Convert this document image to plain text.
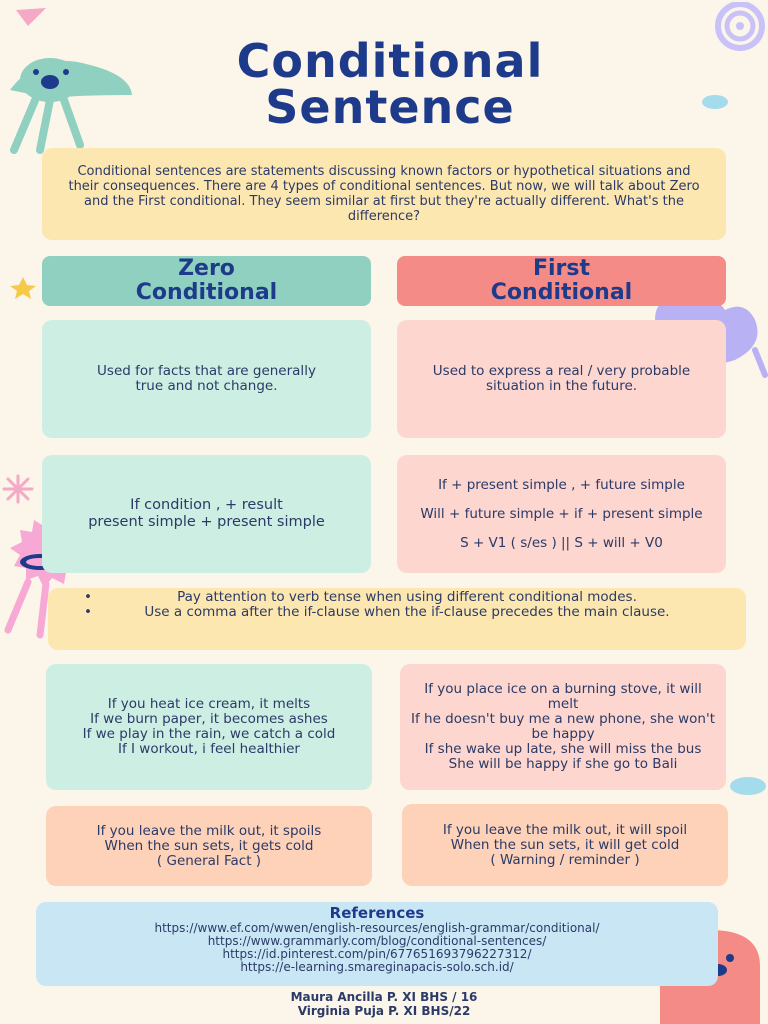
Conditional
Sentence
Conditional sentences are statements discussing known factors or hypothetical situations and their consequences. There are 4 types of conditional sentences. But now, we will talk about Zero and the First conditional. They seem similar at first but they're actually different. What's the difference?
Zero
Conditional
First
Conditional
Used for facts that are generally true and not change.
Used to express a real / very probable situation in the future.
If condition , + result
present simple + present simple
If + present simple , + future simple
Will + future simple + if + present simple
S + V1 ( s/es ) || S + will + V0
•	Pay attention to verb tense when using different conditional modes.
•	Use a comma after the if-clause when the if-clause precedes the main clause.
If you heat ice cream, it melts
If we burn paper, it becomes ashes
If we play in the rain, we catch a cold
If I workout, i feel healthier
If you place ice on a burning stove, it will melt
If he doesn't buy me a new phone, she won't be happy
If she wake up late, she will miss the bus
She will be happy if she go to Bali
If you leave the milk out, it spoils
When the sun sets, it gets cold
( General Fact )
If you leave the milk out, it will spoil
When the sun sets, it will get cold
( Warning / reminder )
References
https://www.ef.com/wwen/english-resources/english-grammar/conditional/
https://www.grammarly.com/blog/conditional-sentences/
https://id.pinterest.com/pin/677651693796227312/
https://e-learning.smareginapacis-solo.sch.id/
Maura Ancilla P. XI BHS / 16
Virginia Puja P. XI BHS/22
